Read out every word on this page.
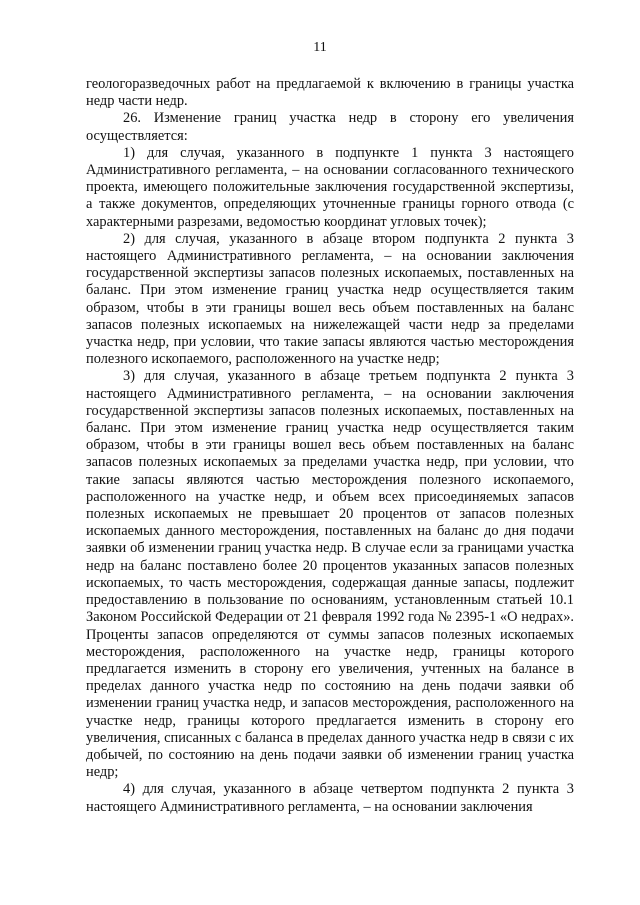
11

геологоразведочных работ на предлагаемой к включению в границы участка недр части недр.

26. Изменение границ участка недр в сторону его увеличения осуществляется:

1) для случая, указанного в подпункте 1 пункта 3 настоящего Административного регламента, – на основании согласованного технического проекта, имеющего положительные заключения государственной экспертизы, а также документов, определяющих уточненные границы горного отвода (с характерными разрезами, ведомостью координат угловых точек);

2) для случая, указанного в абзаце втором подпункта 2 пункта 3 настоящего Административного регламента, – на основании заключения государственной экспертизы запасов полезных ископаемых, поставленных на баланс. При этом изменение границ участка недр осуществляется таким образом, чтобы в эти границы вошел весь объем поставленных на баланс запасов полезных ископаемых на нижележащей части недр за пределами участка недр, при условии, что такие запасы являются частью месторождения полезного ископаемого, расположенного на участке недр;

3) для случая, указанного в абзаце третьем подпункта 2 пункта 3 настоящего Административного регламента, – на основании заключения государственной экспертизы запасов полезных ископаемых, поставленных на баланс. При этом изменение границ участка недр осуществляется таким образом, чтобы в эти границы вошел весь объем поставленных на баланс запасов полезных ископаемых за пределами участка недр, при условии, что такие запасы являются частью месторождения полезного ископаемого, расположенного на участке недр, и объем всех присоединяемых запасов полезных ископаемых не превышает 20 процентов от запасов полезных ископаемых данного месторождения, поставленных на баланс до дня подачи заявки об изменении границ участка недр. В случае если за границами участка недр на баланс поставлено более 20 процентов указанных запасов полезных ископаемых, то часть месторождения, содержащая данные запасы, подлежит предоставлению в пользование по основаниям, установленным статьей 10.1 Законом Российской Федерации от 21 февраля 1992 года № 2395-1 «О недрах». Проценты запасов определяются от суммы запасов полезных ископаемых месторождения, расположенного на участке недр, границы которого предлагается изменить в сторону его увеличения, учтенных на балансе в пределах данного участка недр по состоянию на день подачи заявки об изменении границ участка недр, и запасов месторождения, расположенного на участке недр, границы которого предлагается изменить в сторону его увеличения, списанных с баланса в пределах данного участка недр в связи с их добычей, по состоянию на день подачи заявки об изменении границ участка недр;

4) для случая, указанного в абзаце четвертом подпункта 2 пункта 3 настоящего Административного регламента, – на основании заключения
